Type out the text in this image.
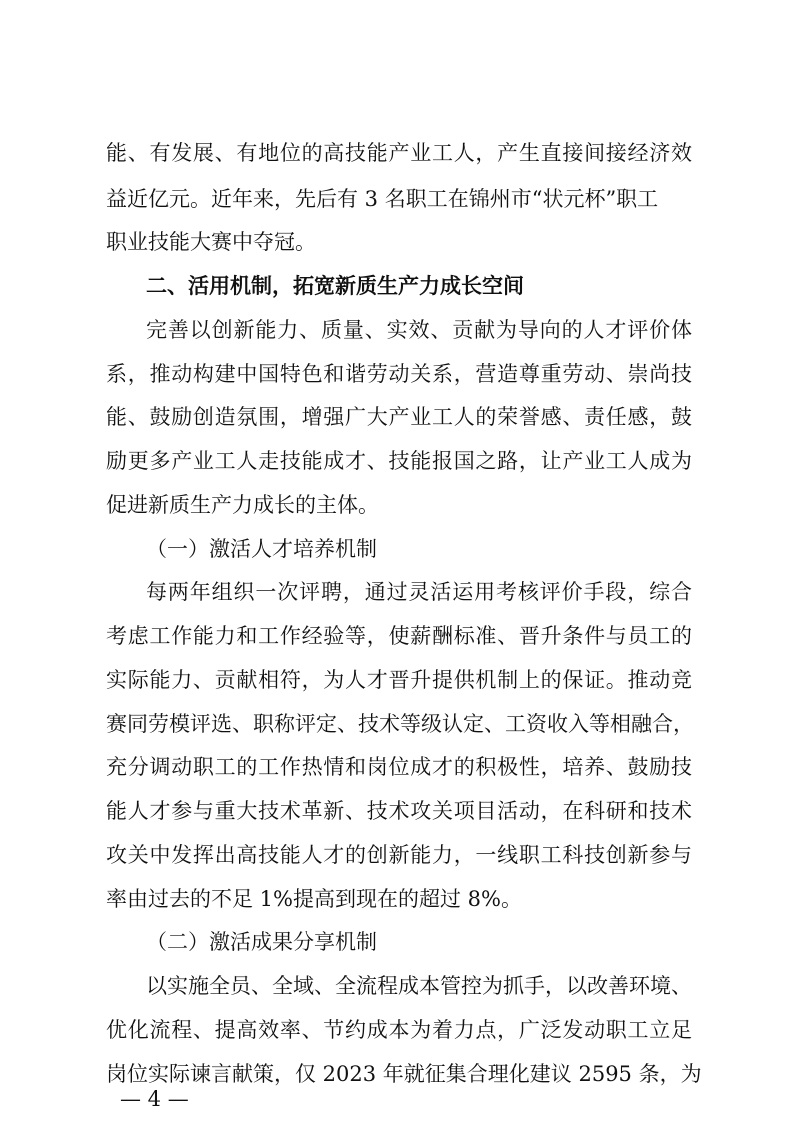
能、有发展、有地位的高技能产业工人，产生直接间接经济效
益近亿元。近年来，先后有 3 名职工在锦州市“状元杯”职工
职业技能大赛中夺冠。
二、活用机制，拓宽新质生产力成长空间
完善以创新能力、质量、实效、贡献为导向的人才评价体
系，推动构建中国特色和谐劳动关系，营造尊重劳动、崇尚技
能、鼓励创造氛围，增强广大产业工人的荣誉感、责任感，鼓
励更多产业工人走技能成才、技能报国之路，让产业工人成为
促进新质生产力成长的主体。
（一）激活人才培养机制
每两年组织一次评聘，通过灵活运用考核评价手段，综合
考虑工作能力和工作经验等，使薪酬标准、晋升条件与员工的
实际能力、贡献相符，为人才晋升提供机制上的保证。推动竞
赛同劳模评选、职称评定、技术等级认定、工资收入等相融合，
充分调动职工的工作热情和岗位成才的积极性，培养、鼓励技
能人才参与重大技术革新、技术攻关项目活动，在科研和技术
攻关中发挥出高技能人才的创新能力，一线职工科技创新参与
率由过去的不足 1%提高到现在的超过 8%。
（二）激活成果分享机制
以实施全员、全域、全流程成本管控为抓手，以改善环境、
优化流程、提高效率、节约成本为着力点，广泛发动职工立足
岗位实际谏言献策，仅 2023 年就征集合理化建议 2595 条，为
— 4 —
